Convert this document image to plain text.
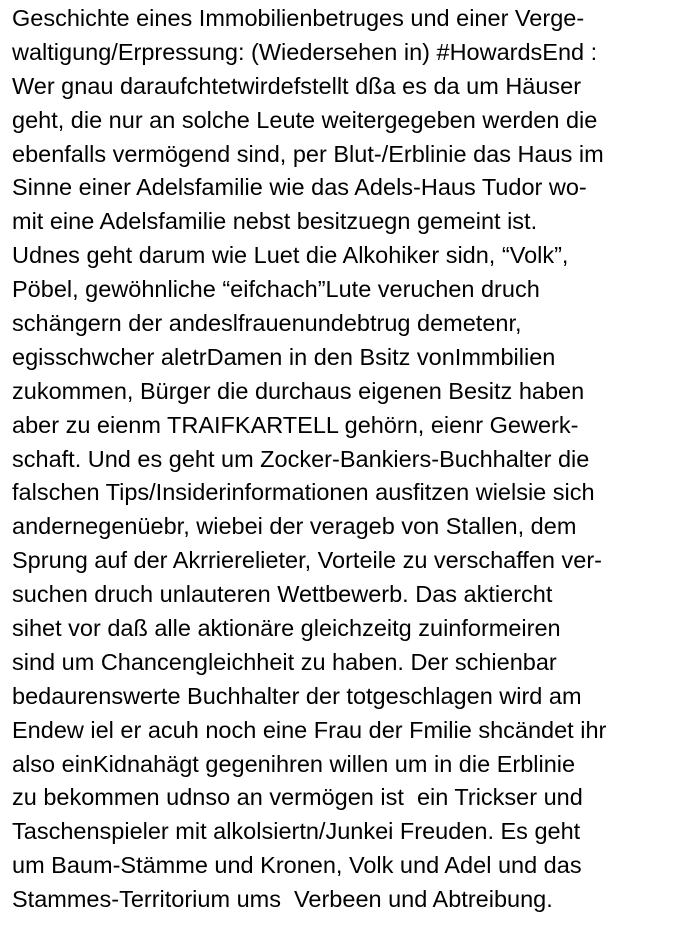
Geschichte eines Immobilienbetruges und einer Verge-
waltigung/Erpressung: (Wiedersehen in) #HowardsEnd :
Wer gnau daraufchtetwirdefstellt dßa es da um Häuser
geht, die nur an solche Leute weitergegeben werden die
ebenfalls vermögend sind, per Blut-/Erblinie das Haus im
Sinne einer Adelsfamilie wie das Adels-Haus Tudor wo-
mit eine Adelsfamilie nebst besitzuegn gemeint ist.
Udnes geht darum wie Luet die Alkohiker sidn, “Volk”,
Pöbel, gewöhnliche “eifchach”Lute veruchen druch
schängern der andeslfrauenundebtrug demetenr,
egisschwcher aletrDamen in den Bsitz vonImmbilien
zukommen, Bürger die durchaus eigenen Besitz haben
aber zu eienm TRAIFKARTELL gehörn, eienr Gewerk-
schaft. Und es geht um Zocker-Bankiers-Buchhalter die
falschen Tips/Insiderinformationen ausfitzen wielsie sich
andernegenüebr, wiebei der verageb von Stallen, dem
Sprung auf der Akrrierelieter, Vorteile zu verschaffen ver-
suchen druch unlauteren Wettbewerb. Das aktiercht
sihet vor daß alle aktionäre gleichzeitg zuinformeiren
sind um Chancengleichheit zu haben. Der schienbar
bedaurenswerte Buchhalter der totgeschlagen wird am
Endew iel er acuh noch eine Frau der Fmilie shcändet ihr
also einKidnahägt gegenihren willen um in die Erblinie
zu bekommen udnso an vermögen ist  ein Trickser und
Taschenspieler mit alkolsiertn/Junkei Freuden. Es geht
um Baum-Stämme und Kronen, Volk und Adel und das
Stammes-Territorium ums  Verbeen und Abtreibung.
